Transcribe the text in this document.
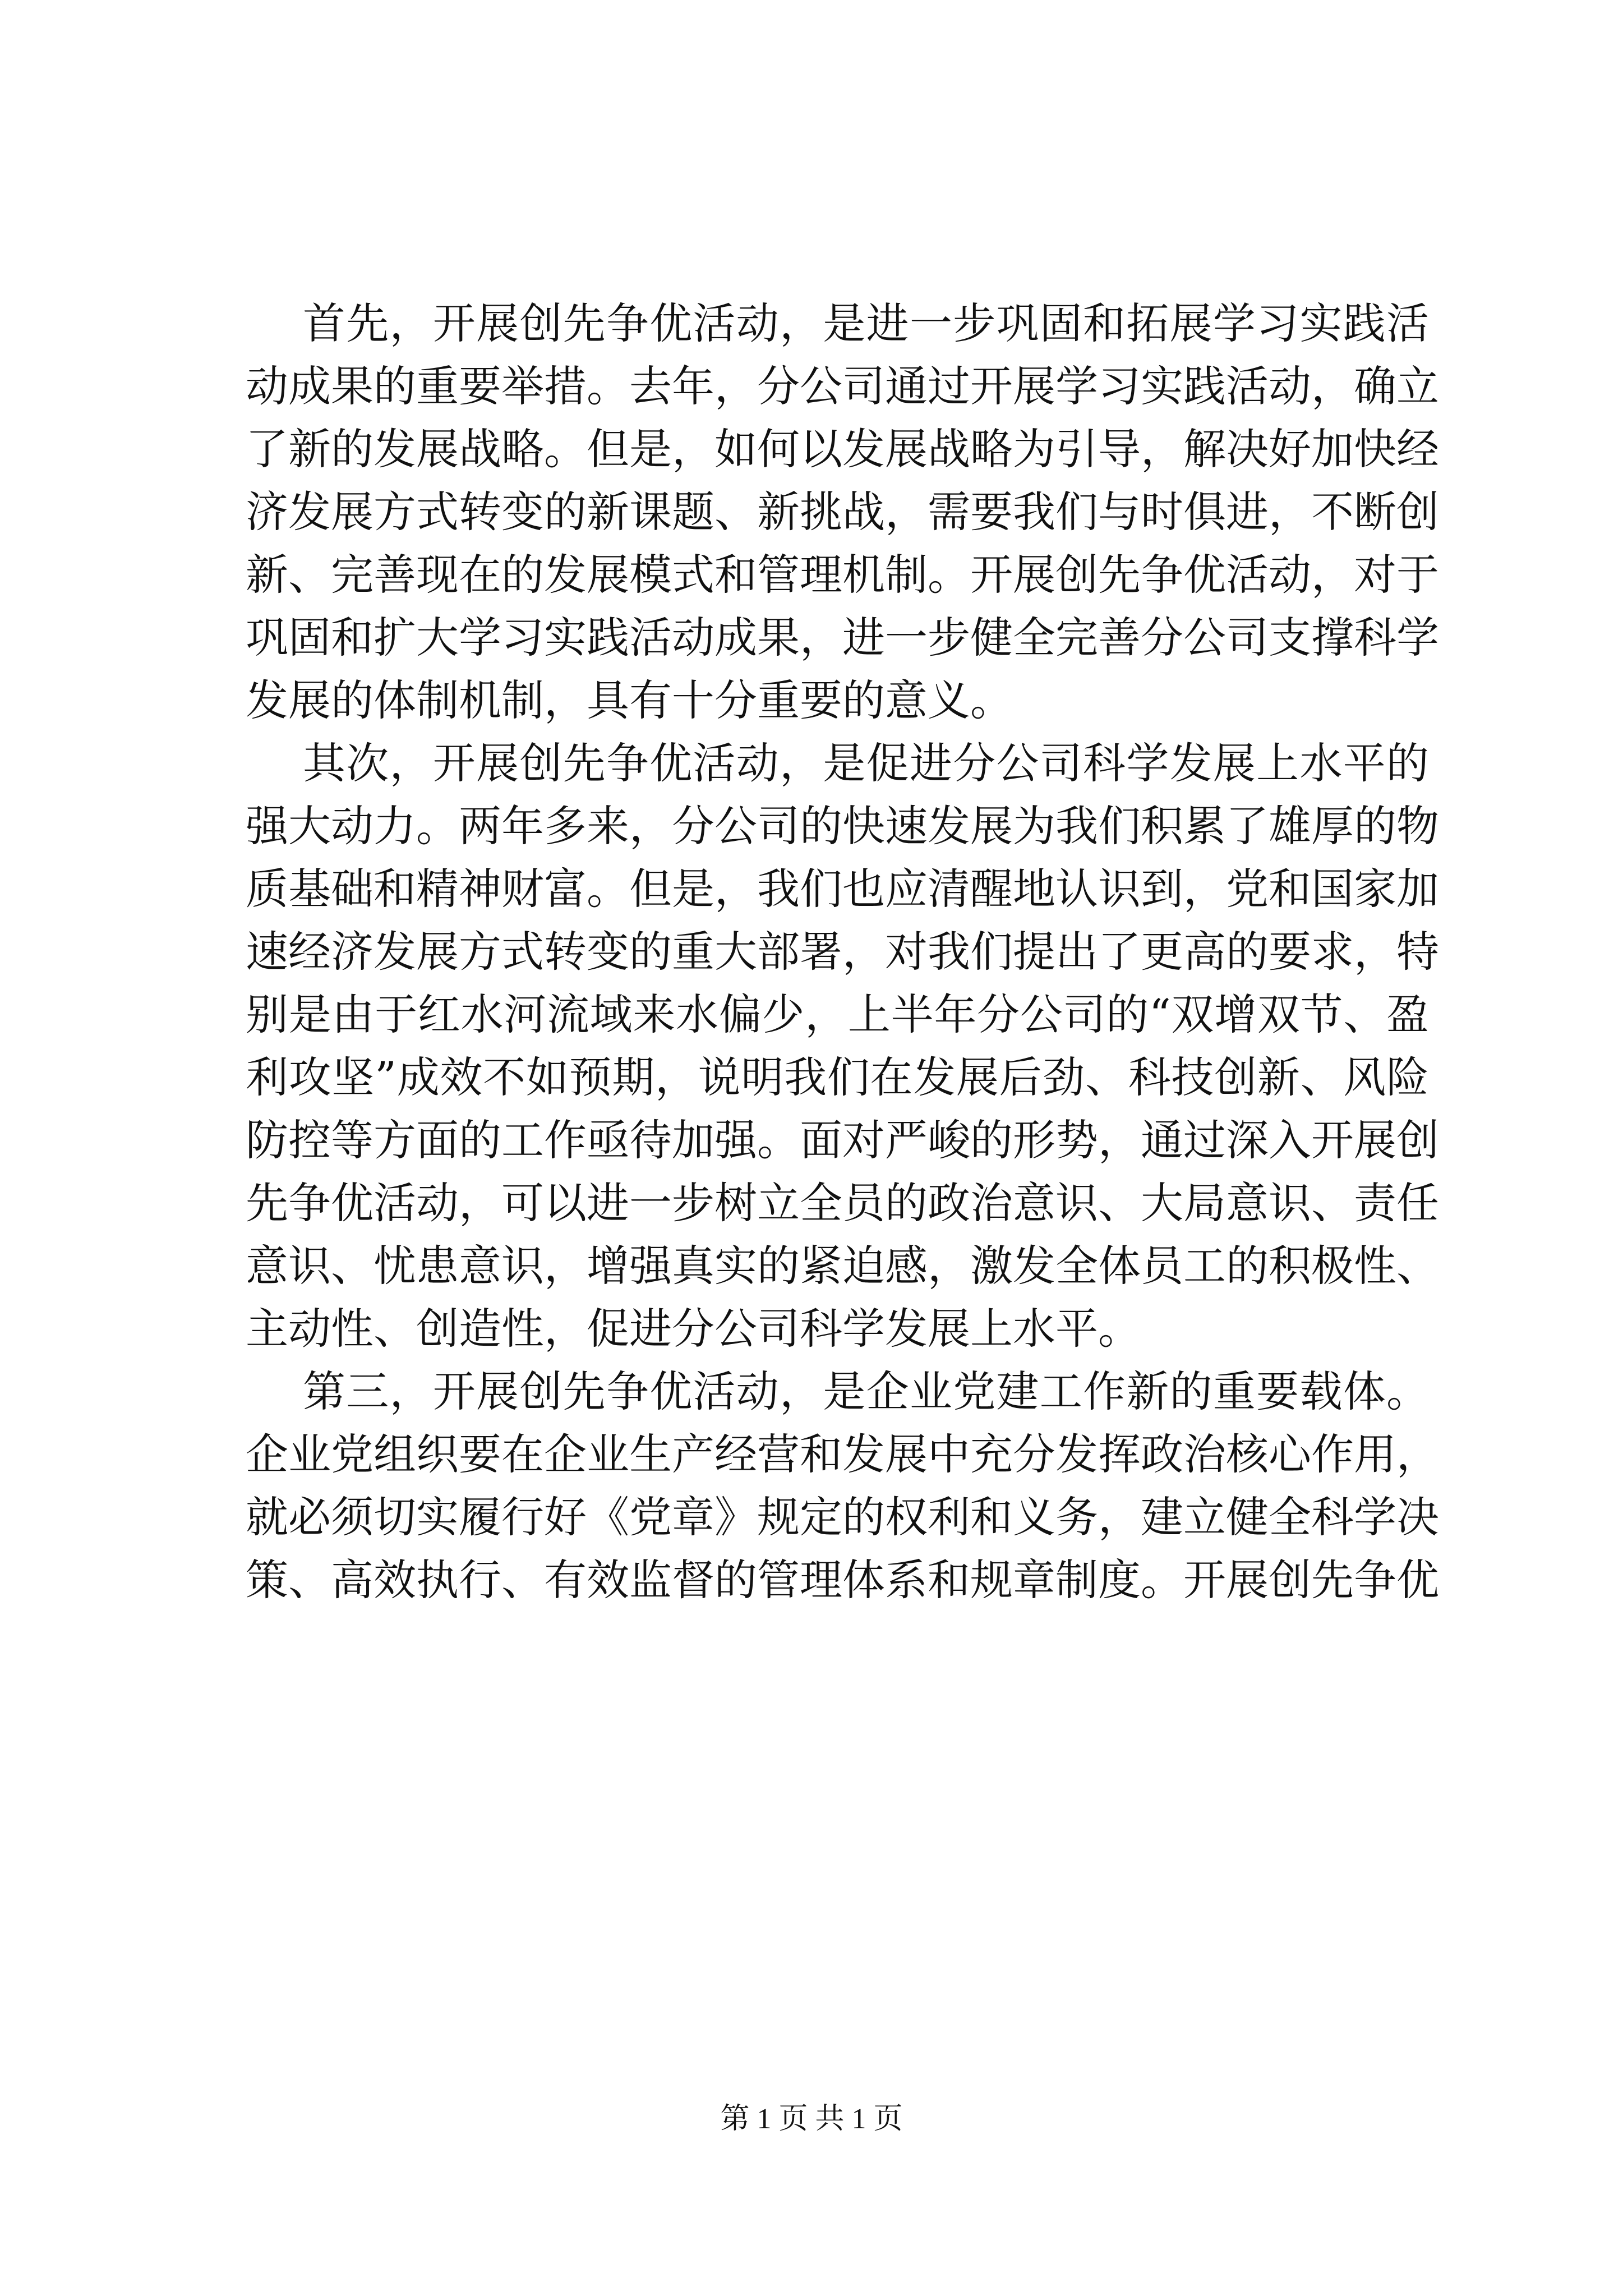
首先，开展创先争优活动，是进一步巩固和拓展学习实践活
动成果的重要举措。去年，分公司通过开展学习实践活动，确立
了新的发展战略。但是，如何以发展战略为引导，解决好加快经
济发展方式转变的新课题、新挑战，需要我们与时俱进，不断创
新、完善现在的发展模式和管理机制。开展创先争优活动，对于
巩固和扩大学习实践活动成果，进一步健全完善分公司支撑科学
发展的体制机制，具有十分重要的意义。
其次，开展创先争优活动，是促进分公司科学发展上水平的
强大动力。两年多来，分公司的快速发展为我们积累了雄厚的物
质基础和精神财富。但是，我们也应清醒地认识到，党和国家加
速经济发展方式转变的重大部署，对我们提出了更高的要求，特
别是由于红水河流域来水偏少，上半年分公司的“双增双节、盈
利攻坚”成效不如预期，说明我们在发展后劲、科技创新、风险
防控等方面的工作亟待加强。面对严峻的形势，通过深入开展创
先争优活动，可以进一步树立全员的政治意识、大局意识、责任
意识、忧患意识，增强真实的紧迫感，激发全体员工的积极性、
主动性、创造性，促进分公司科学发展上水平。
第三，开展创先争优活动，是企业党建工作新的重要载体。
企业党组织要在企业生产经营和发展中充分发挥政治核心作用，
就必须切实履行好《党章》规定的权利和义务，建立健全科学决
策、高效执行、有效监督的管理体系和规章制度。开展创先争优
第 1 页 共 1 页
